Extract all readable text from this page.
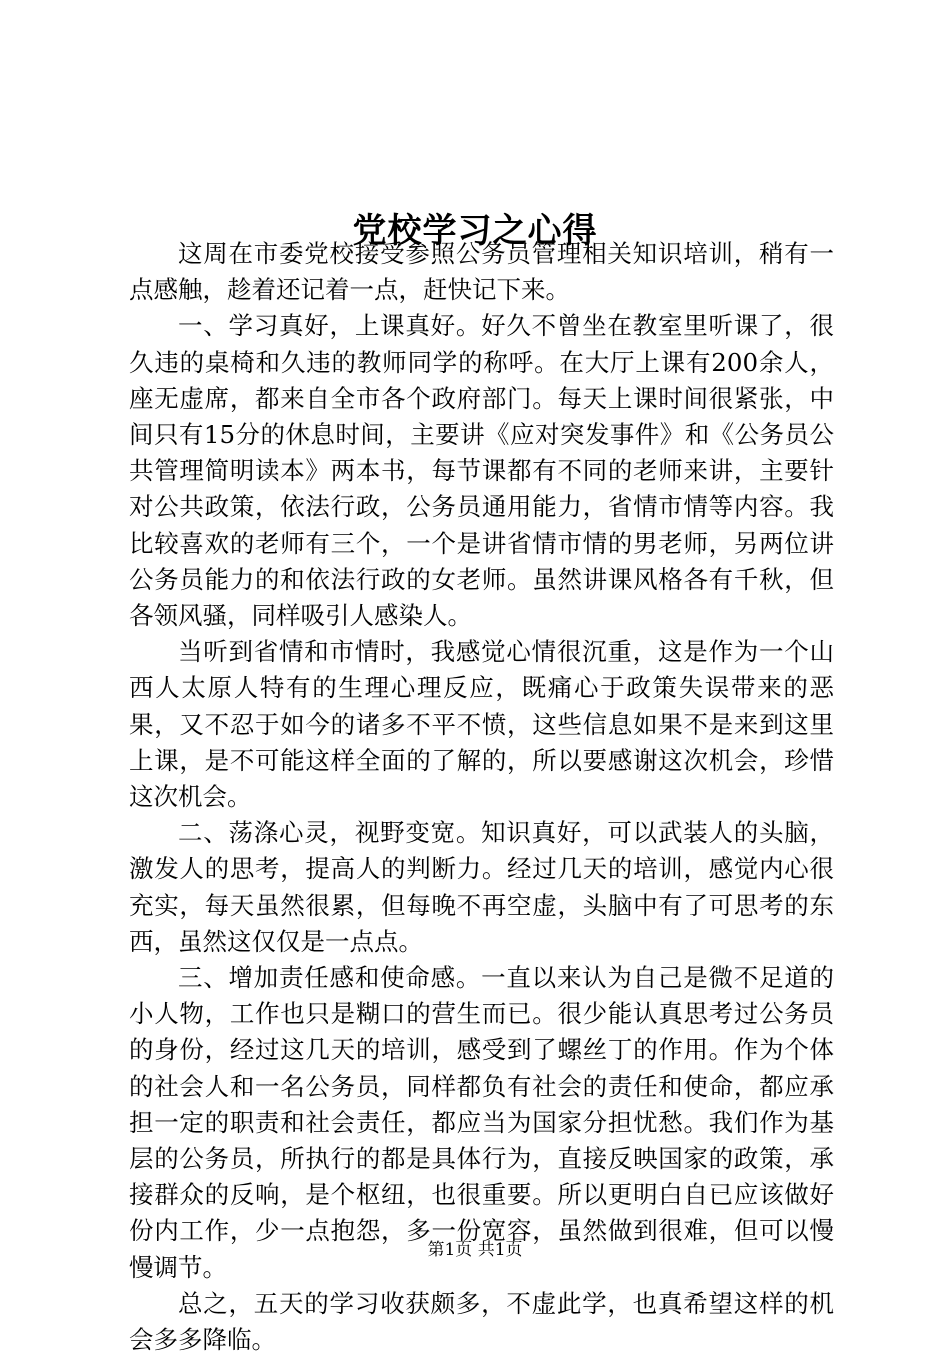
党校学习之心得

这周在市委党校接受参照公务员管理相关知识培训，稍有一点感触，趁着还记着一点，赶快记下来。

一、学习真好，上课真好。好久不曾坐在教室里听课了，很久违的桌椅和久违的教师同学的称呼。在大厅上课有200余人，座无虚席，都来自全市各个政府部门。每天上课时间很紧张，中间只有15分的休息时间，主要讲《应对突发事件》和《公务员公共管理简明读本》两本书，每节课都有不同的老师来讲，主要针对公共政策，依法行政，公务员通用能力，省情市情等内容。我比较喜欢的老师有三个，一个是讲省情市情的男老师，另两位讲公务员能力的和依法行政的女老师。虽然讲课风格各有千秋，但各领风骚，同样吸引人感染人。

当听到省情和市情时，我感觉心情很沉重，这是作为一个山西人太原人特有的生理心理反应，既痛心于政策失误带来的恶果，又不忍于如今的诸多不平不愤，这些信息如果不是来到这里上课，是不可能这样全面的了解的，所以要感谢这次机会，珍惜这次机会。

二、荡涤心灵，视野变宽。知识真好，可以武装人的头脑，激发人的思考，提高人的判断力。经过几天的培训，感觉内心很充实，每天虽然很累，但每晚不再空虚，头脑中有了可思考的东西，虽然这仅仅是一点点。

三、增加责任感和使命感。一直以来认为自己是微不足道的小人物，工作也只是糊口的营生而已。很少能认真思考过公务员的身份，经过这几天的培训，感受到了螺丝丁的作用。作为个体的社会人和一名公务员，同样都负有社会的责任和使命，都应承担一定的职责和社会责任，都应当为国家分担忧愁。我们作为基层的公务员，所执行的都是具体行为，直接反映国家的政策，承接群众的反响，是个枢纽，也很重要。所以更明白自已应该做好份内工作，少一点抱怨，多一份宽容，虽然做到很难，但可以慢慢调节。

总之，五天的学习收获颇多，不虚此学，也真希望这样的机会多多降临。

第1页 共1页
